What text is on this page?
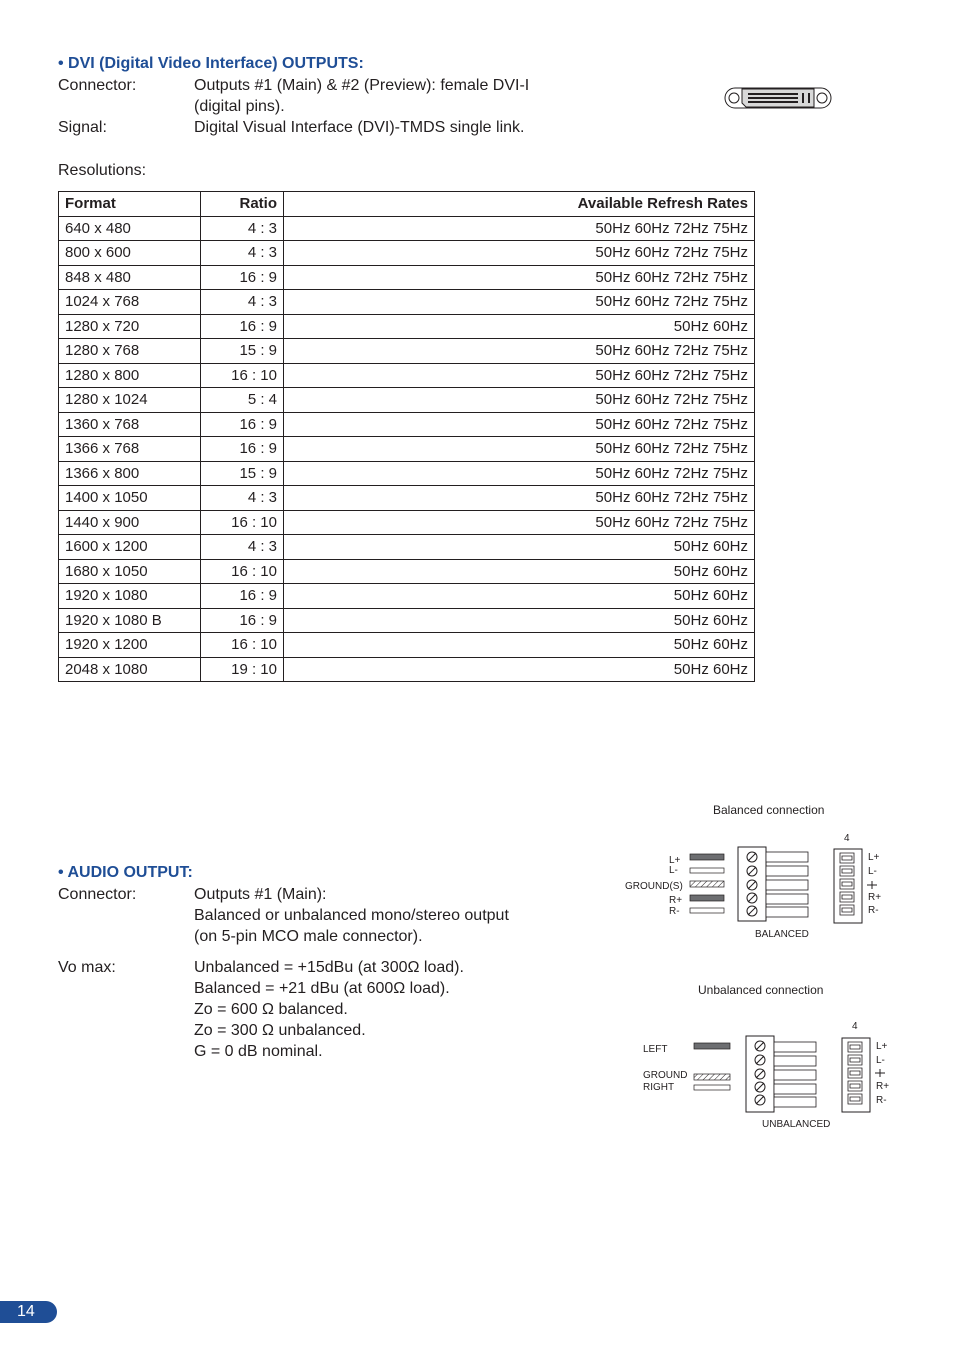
• DVI (Digital Video Interface) OUTPUTS:
Connector:	Outputs #1 (Main) & #2 (Preview): female DVI-I
(digital pins).
Signal:	Digital Visual Interface (DVI)-TMDS single link.
Resolutions:
Format	Ratio	Available Refresh Rates
640 x 480	4 : 3	50Hz 60Hz 72Hz 75Hz
800 x 600	4 : 3	50Hz 60Hz 72Hz 75Hz
848 x 480	16 : 9	50Hz 60Hz 72Hz 75Hz
1024 x 768	4 : 3	50Hz 60Hz 72Hz 75Hz
1280 x 720	16 : 9	50Hz 60Hz
1280 x 768	15 : 9	50Hz 60Hz 72Hz 75Hz
1280 x 800	16 : 10	50Hz 60Hz 72Hz 75Hz
1280 x 1024	5 : 4	50Hz 60Hz 72Hz 75Hz
1360 x 768	16 : 9	50Hz 60Hz 72Hz 75Hz
1366 x 768	16 : 9	50Hz 60Hz 72Hz 75Hz
1366 x 800	15 : 9	50Hz 60Hz 72Hz 75Hz
1400 x 1050	4 : 3	50Hz 60Hz 72Hz 75Hz
1440 x 900	16 : 10	50Hz 60Hz 72Hz 75Hz
1600 x 1200	4 : 3	50Hz 60Hz
1680 x 1050	16 : 10	50Hz 60Hz
1920 x 1080	16 : 9	50Hz 60Hz
1920 x 1080 B	16 : 9	50Hz 60Hz
1920 x 1200	16 : 10	50Hz 60Hz
2048 x 1080	19 : 10	50Hz 60Hz
• AUDIO OUTPUT:
Connector:	Outputs #1 (Main):
Balanced or unbalanced mono/stereo output
(on 5-pin MCO male connector).
Vo max:	Unbalanced = +15dBu (at 300Ω load).
Balanced = +21 dBu (at 600Ω load).
Zo = 600 Ω balanced.
Zo = 300 Ω unbalanced.
G = 0 dB nominal.
Balanced connection
4
L+
L-
GROUND(S)
R+
R-
L+
L-
R+
R-
BALANCED
Unbalanced connection
4
LEFT
GROUND
RIGHT
L+
L-
R+
R-
UNBALANCED
14
